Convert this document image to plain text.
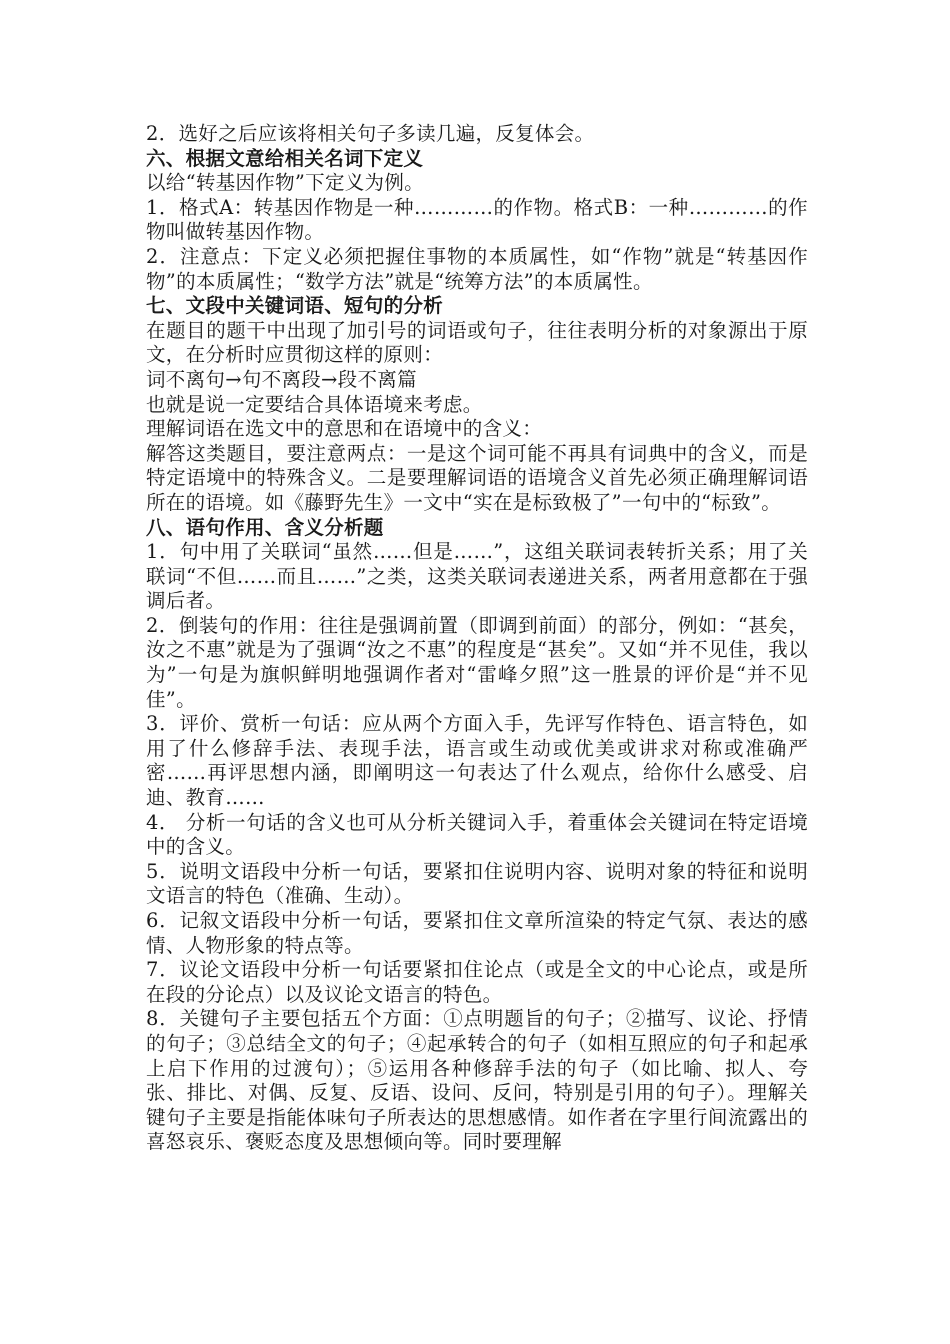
2．选好之后应该将相关句子多读几遍，反复体会。

六、根据文意给相关名词下定义

以给“转基因作物”下定义为例。

1．格式A：转基因作物是一种…………的作物。格式B：一种…………的作物叫做转基因作物。

2．注意点：下定义必须把握住事物的本质属性，如“作物”就是“转基因作物”的本质属性；“数学方法”就是“统筹方法”的本质属性。

七、文段中关键词语、短句的分析

在题目的题干中出现了加引号的词语或句子，往往表明分析的对象源出于原文，在分析时应贯彻这样的原则：

词不离句→句不离段→段不离篇

也就是说一定要结合具体语境来考虑。

理解词语在选文中的意思和在语境中的含义：

解答这类题目，要注意两点：一是这个词可能不再具有词典中的含义，而是特定语境中的特殊含义。二是要理解词语的语境含义首先必须正确理解词语所在的语境。如《藤野先生》一文中“实在是标致极了”一句中的“标致”。

八、语句作用、含义分析题

1．句中用了关联词“虽然……但是……”，这组关联词表转折关系；用了关联词“不但……而且……”之类，这类关联词表递进关系，两者用意都在于强调后者。

2．倒装句的作用：往往是强调前置（即调到前面）的部分，例如：“甚矣，汝之不惠”就是为了强调“汝之不惠”的程度是“甚矣”。又如“并不见佳，我以为”一句是为旗帜鲜明地强调作者对“雷峰夕照”这一胜景的评价是“并不见佳”。

3．评价、赏析一句话：应从两个方面入手，先评写作特色、语言特色，如用了什么修辞手法、表现手法，语言或生动或优美或讲求对称或准确严密……再评思想内涵，即阐明这一句表达了什么观点，给你什么感受、启迪、教育……

4． 分析一句话的含义也可从分析关键词入手，着重体会关键词在特定语境中的含义。

5．说明文语段中分析一句话，要紧扣住说明内容、说明对象的特征和说明文语言的特色（准确、生动）。

6．记叙文语段中分析一句话，要紧扣住文章所渲染的特定气氛、表达的感情、人物形象的特点等。

7．议论文语段中分析一句话要紧扣住论点（或是全文的中心论点，或是所在段的分论点）以及议论文语言的特色。

8．关键句子主要包括五个方面：①点明题旨的句子；②描写、议论、抒情的句子；③总结全文的句子；④起承转合的句子（如相互照应的句子和起承上启下作用的过渡句）；⑤运用各种修辞手法的句子（如比喻、拟人、夸张、排比、对偶、反复、反语、设问、反问，特别是引用的句子）。理解关键句子主要是指能体味句子所表达的思想感情。如作者在字里行间流露出的喜怒哀乐、褒贬态度及思想倾向等。同时要理解
